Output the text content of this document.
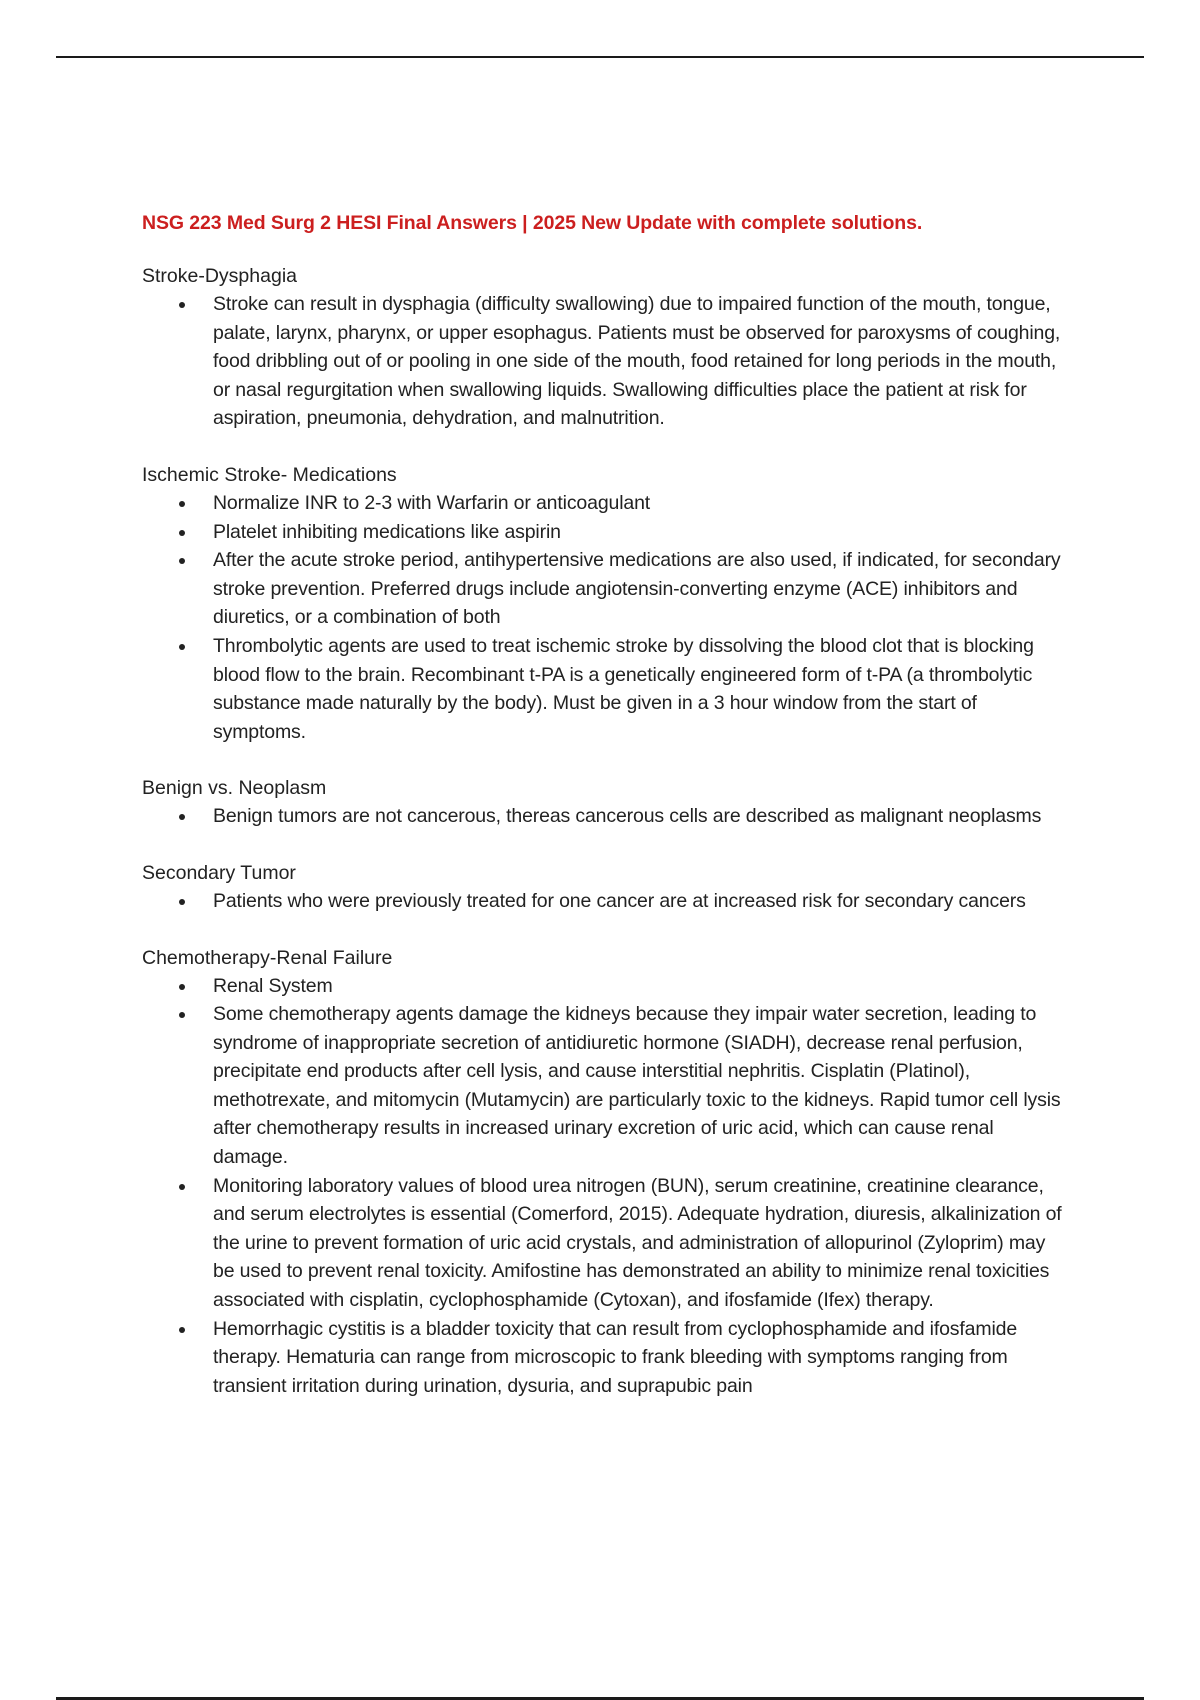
NSG 223 Med Surg 2 HESI Final Answers | 2025 New Update with complete solutions.

Stroke-Dysphagia

Stroke can result in dysphagia (difficulty swallowing) due to impaired function of the mouth, tongue, palate, larynx, pharynx, or upper esophagus. Patients must be observed for paroxysms of coughing, food dribbling out of or pooling in one side of the mouth, food retained for long periods in the mouth, or nasal regurgitation when swallowing liquids. Swallowing difficulties place the patient at risk for aspiration, pneumonia, dehydration, and malnutrition.

Ischemic Stroke- Medications

Normalize INR to 2-3 with Warfarin or anticoagulant
Platelet inhibiting medications like aspirin
After the acute stroke period, antihypertensive medications are also used, if indicated, for secondary stroke prevention. Preferred drugs include angiotensin-converting enzyme (ACE) inhibitors and diuretics, or a combination of both
Thrombolytic agents are used to treat ischemic stroke by dissolving the blood clot that is blocking blood flow to the brain. Recombinant t-PA is a genetically engineered form of t-PA (a thrombolytic substance made naturally by the body). Must be given in a 3 hour window from the start of symptoms.

Benign vs. Neoplasm

Benign tumors are not cancerous, thereas cancerous cells are described as malignant neoplasms

Secondary Tumor

Patients who were previously treated for one cancer are at increased risk for secondary cancers

Chemotherapy-Renal Failure

Renal System
Some chemotherapy agents damage the kidneys because they impair water secretion, leading to syndrome of inappropriate secretion of antidiuretic hormone (SIADH), decrease renal perfusion, precipitate end products after cell lysis, and cause interstitial nephritis. Cisplatin (Platinol), methotrexate, and mitomycin (Mutamycin) are particularly toxic to the kidneys. Rapid tumor cell lysis after chemotherapy results in increased urinary excretion of uric acid, which can cause renal damage.
Monitoring laboratory values of blood urea nitrogen (BUN), serum creatinine, creatinine clearance, and serum electrolytes is essential (Comerford, 2015). Adequate hydration, diuresis, alkalinization of the urine to prevent formation of uric acid crystals, and administration of allopurinol (Zyloprim) may be used to prevent renal toxicity. Amifostine has demonstrated an ability to minimize renal toxicities associated with cisplatin, cyclophosphamide (Cytoxan), and ifosfamide (Ifex) therapy.
Hemorrhagic cystitis is a bladder toxicity that can result from cyclophosphamide and ifosfamide therapy. Hematuria can range from microscopic to frank bleeding with symptoms ranging from transient irritation during urination, dysuria, and suprapubic pain
